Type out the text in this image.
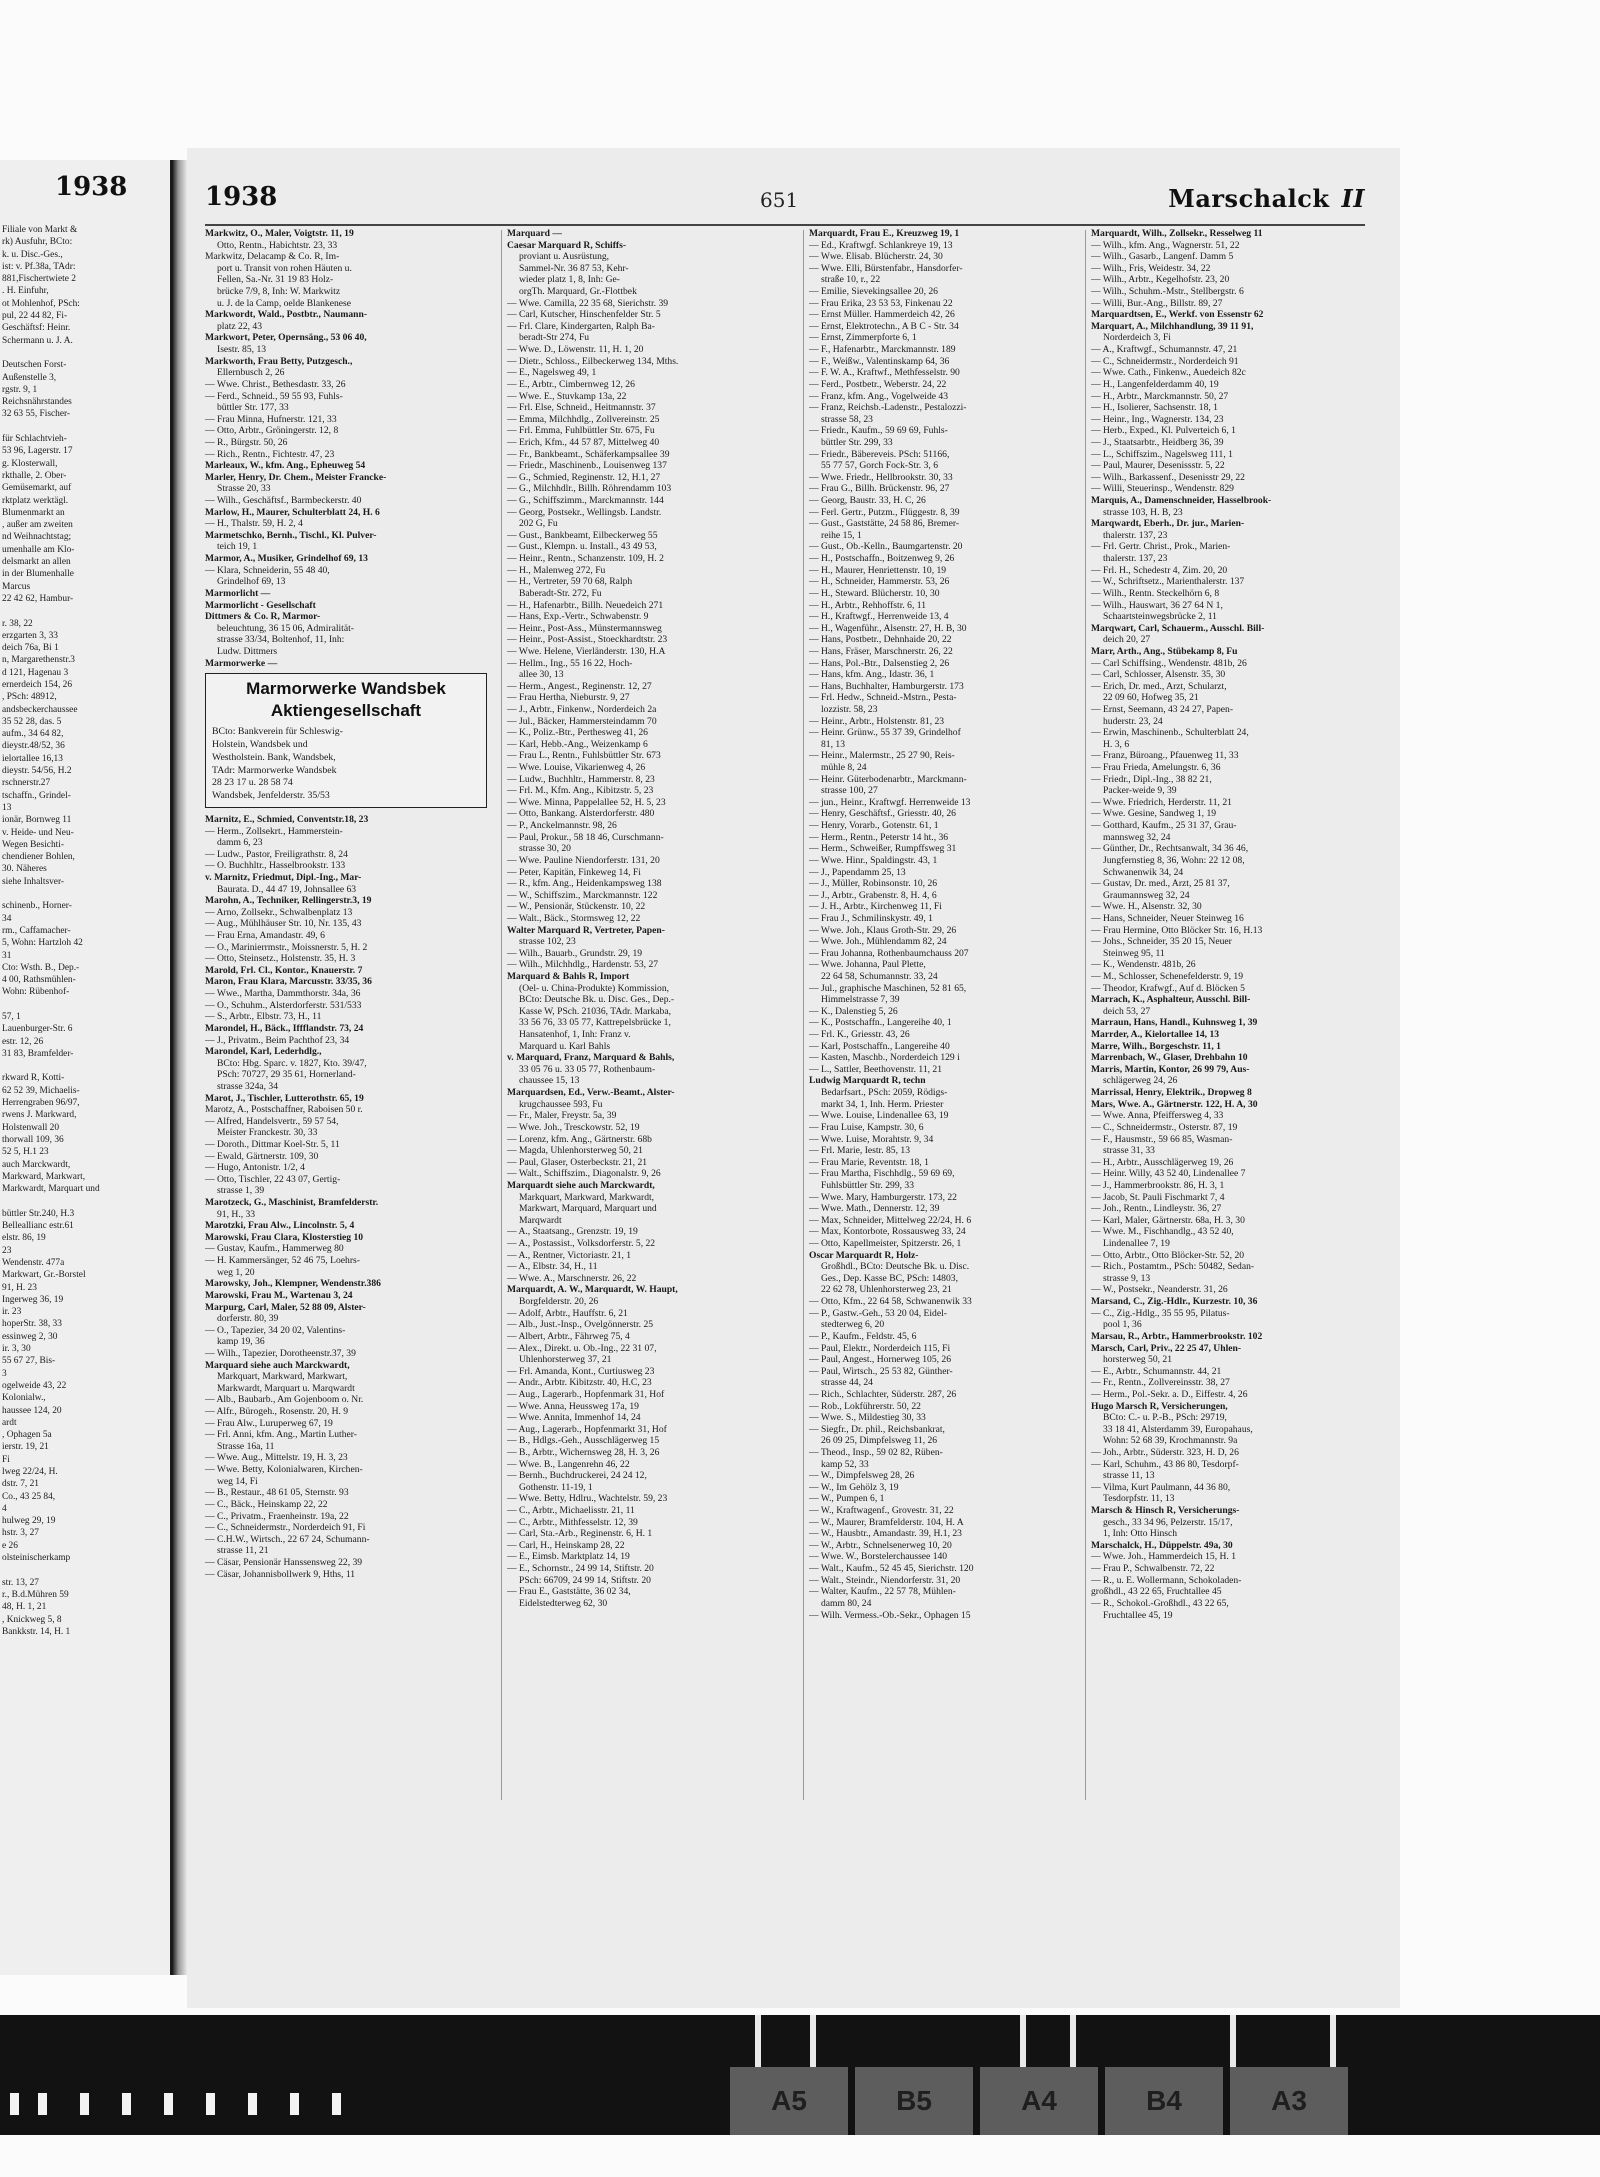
1938
Filiale von Markt &
rk) Ausfuhr, BCto:
k. u. Disc.-Ges.,
ist: v. Pf.38a, TAdr:
881,Fischertwiete 2
. H. Einfuhr,
ot Mohlenhof, PSch:
pul, 22 44 82, Fi-
Geschäftsf: Heinr.
Schermann u. J. A.
Deutschen Forst-
Außenstelle 3,
rgstr. 9, 1
Reichsnährstandes
32 63 55, Fischer-
für Schlachtvieh-
53 96, Lagerstr. 17
g. Klosterwall,
rkthalle, 2. Ober-
Gemüsemarkt, auf
rktplatz werktägl.
Blumenmarkt an
, außer am zweiten
nd Weihnachtstag;
umenhalle am Klo-
delsmarkt an allen
in der Blumenhalle
Marcus
22 42 62, Hambur-
r. 38, 22
erzgarten 3, 33
deich 76a, Bi 1
n, Margarethenstr.3
d 121, Hagenau 3
ernerdeich 154, 26
, PSch: 48912,
andsbeckerchaussee
35 52 28, das. 5
aufm., 34 64 82,
dieystr.48/52, 36
ielortallee 16,13
dieystr. 54/56, H.2
rschnerstr.27
tschaffn., Grindel-
13
ionär, Bornweg 11
v. Heide- und Neu-
Wegen Besichti-
chendiener Bohlen,
30. Näheres
siehe Inhaltsver-
schinenb., Horner-
34
rm., Caffamacher-
5, Wohn: Hartzloh 42
31
Cto: Wsth. B., Dep.-
4 00, Rathsmühlen-
Wohn: Rübenhof-
57, 1
Lauenburger-Str. 6
estr. 12, 26
31 83, Bramfelder-
rkward R, Kotti-
62 52 39, Michaelis-
Herrengraben 96/97,
rwens J. Markward,
Holstenwall 20
thorwall 109, 36
52 5, H.1 23
auch Marckwardt,
Markward, Markwart,
Markwardt, Marquart und
büttler Str.240, H.3
Belleallianc estr.61
elstr. 86, 19
23
Wendenstr. 477a
Markwart, Gr.-Borstel
91, H. 23
Ingerweg 36, 19
ir. 23
hoperStr. 38, 33
essinweg 2, 30
ir. 3, 30
55 67 27, Bis-
3
ogelweide 43, 22
Kolonialw.,
haussee 124, 20
ardt
, Ophagen 5a
ierstr. 19, 21
Fi
lweg 22/24, H.
dstr. 7, 21
Co., 43 25 84,
4
hulweg 29, 19
hstr. 3, 27
e 26
olsteinischerkamp
str. 13, 27
r., B.d.Mühren 59
48, H. 1, 21
, Knickweg 5, 8
Bankkstr. 14, H. 1
1938	651	Marschalck II
Markwitz, O., Maler, Voigtstr. 11, 19
Otto, Rentn., Habichtstr. 23, 33
Markwitz, Delacamp & Co. R, Im-
port u. Transit von rohen Häuten u.
Fellen, Sa.-Nr. 31 19 83 Holz-
brücke 7/9, 8, Inh: W. Markwitz
u. J. de la Camp, oelde Blankenese
Markwordt, Wald., Postbtr., Naumann-
platz 22, 43
Markwort, Peter, Opernsäng., 53 06 40,
Isestr. 85, 13
Markworth, Frau Betty, Putzgesch.,
Ellernbusch 2, 26
— Wwe. Christ., Bethesdastr. 33, 26
— Ferd., Schneid., 59 55 93, Fuhls-
büttler Str. 177, 33
— Frau Minna, Hufnerstr. 121, 33
— Otto, Arbtr., Gröningerstr. 12, 8
— R., Bürgstr. 50, 26
— Rich., Rentn., Fichtestr. 47, 23
Marleaux, W., kfm. Ang., Epheuweg 54
Marler, Henry, Dr. Chem., Meister Francke-
Strasse 20, 33
— Wilh., Geschäftsf., Barmbeckerstr. 40
Marlow, H., Maurer, Schulterblatt 24, H. 6
— H., Thalstr. 59, H. 2, 4
Marmetschko, Bernh., Tischl., Kl. Pulver-
teich 19, 1
Marmor, A., Musiker, Grindelhof 69, 13
— Klara, Schneiderin, 55 48 40,
Grindelhof 69, 13
Marmorlicht —
Marmorlicht - Gesellschaft
Dittmers & Co. R, Marmor-
beleuchtung, 36 15 06, Admiralität-
strasse 33/34, Boltenhof, 11, Inh:
Ludw. Dittmers
Marmorwerke —
Marmorwerke Wandsbek
Aktiengesellschaft
BCto: Bankverein für Schleswig-
Holstein, Wandsbek und
Westholstein. Bank, Wandsbek,
TAdr: Marmorwerke Wandsbek
28 23 17 u. 28 58 74
Wandsbek, Jenfelderstr. 35/53
Marnitz, E., Schmied, Conventstr.18, 23
— Herm., Zollsekrt., Hammerstein-
damm 6, 23
— Ludw., Pastor, Freiligrathstr. 8, 24
— O. Buchhltr., Hasselbrookstr. 133
v. Marnitz, Friedmut, Dipl.-Ing., Mar-
Baurata. D., 44 47 19, Johnsallee 63
Marohn, A., Techniker, Rellingerstr.3, 19
— Arno, Zollsekr., Schwalbenplatz 13
— Aug., Mühlhäuser Str. 10, Nr. 135, 43
— Frau Erna, Amandastr. 49, 6
— O., Marinierrmstr., Moissnerstr. 5, H. 2
— Otto, Steinsetz., Holstenstr. 35, H. 3
Marold, Frl. Cl., Kontor., Knauerstr. 7
Maron, Frau Klara, Marcusstr. 33/35, 36
— Wwe., Martha, Dammthorstr. 34a, 36
— O., Schuhm., Alsterdorferstr. 531/533
— S., Arbtr., Elbstr. 73, H., 11
Marondel, H., Bäck., Iffflandstr. 73, 24
— J., Privatm., Beim Pachthof 23, 34
Marondel, Karl, Lederhdlg.,
BCto: Hbg. Sparc. v. 1827, Kto. 39/47,
PSch: 70727, 29 35 61, Hornerland-
strasse 324a, 34
Marot, J., Tischler, Lutterothstr. 65, 19
Marotz, A., Postschaffner, Raboisen 50 r.
— Alfred, Handelsvertr., 59 57 54,
Meister Franckestr. 30, 33
— Doroth., Dittmar Koel-Str. 5, 11
— Ewald, Gärtnerstr. 109, 30
— Hugo, Antonistr. 1/2, 4
— Otto, Tischler, 22 43 07, Gertig-
strasse 1, 39
Marotzeck, G., Maschinist, Bramfelderstr.
91, H., 33
Marotzki, Frau Alw., Lincolnstr. 5, 4
Marowski, Frau Clara, Klosterstieg 10
— Gustav, Kaufm., Hammerweg 80
— H. Kammersänger, 52 46 75, Loehrs-
weg 1, 20
Marowsky, Joh., Klempner, Wendenstr.386
Marowski, Frau M., Wartenau 3, 24
Marpurg, Carl, Maler, 52 88 09, Alster-
dorferstr. 80, 39
— O., Tapezier, 34 20 02, Valentins-
kamp 19, 36
— Wilh., Tapezier, Dorotheenstr.37, 39
Marquard siehe auch Marckwardt,
Markquart, Markward, Markwart,
Markwardt, Marquart u. Marqwardt
— Alb., Baubarb., Am Gojenboom o. Nr.
— Alfr., Bürogeh., Rosenstr. 20, H. 9
— Frau Alw., Luruperweg 67, 19
— Frl. Anni, kfm. Ang., Martin Luther-
Strasse 16a, 11
— Wwe. Aug., Mittelstr. 19, H. 3, 23
— Wwe. Betty, Kolonialwaren, Kirchen-
weg 14, Fi
— B., Restaur., 48 61 05, Sternstr. 93
— C., Bäck., Heinskamp 22, 22
— C., Privatm., Fraenheinstr. 19a, 22
— C., Schneidermstr., Norderdeich 91, Fi
— C.H.W., Wirtsch., 22 67 24, Schumann-
strasse 11, 21
— Cäsar, Pensionär Hanssensweg 22, 39
— Cäsar, Johannisbollwerk 9, Hths, 11
Marquard —
Caesar Marquard R, Schiffs-
proviant u. Ausrüstung,
Sammel-Nr. 36 87 53, Kehr-
wieder platz 1, 8, Inh: Ge-
orgTh. Marquard, Gr.-Flottbek
— Wwe. Camilla, 22 35 68, Sierichstr. 39
— Carl, Kutscher, Hinschenfelder Str. 5
— Frl. Clare, Kindergarten, Ralph Ba-
beradt-Str 274, Fu
— Wwe. D., Löwenstr. 11, H. 1, 20
— Dietr., Schloss., Eilbeckerweg 134, Mths.
— E., Nagelsweg 49, 1
— E., Arbtr., Cimbernweg 12, 26
— Wwe. E., Stuvkamp 13a, 22
— Frl. Else, Schneid., Heitmannstr. 37
— Emma, Milchhdlg., Zollvereinstr. 25
— Frl. Emma, Fuhlbüttler Str. 675, Fu
— Erich, Kfm., 44 57 87, Mittelweg 40
— Fr., Bankbeamt., Schäferkampsallee 39
— Friedr., Maschinenb., Louisenweg 137
— G., Schmied, Reginenstr. 12, H.1, 27
— G., Milchhdlr., Billh. Röhrendamm 103
— G., Schiffszimm., Marckmannstr. 144
— Georg, Postsekr., Wellingsb. Landstr.
202 G, Fu
— Gust., Bankbeamt, Eilbeckerweg 55
— Gust., Klempn. u. Install., 43 49 53,
— Heinr., Rentn., Schanzenstr. 109, H. 2
— H., Malenweg 272, Fu
— H., Vertreter, 59 70 68, Ralph
Baberadt-Str. 272, Fu
— H., Hafenarbtr., Billh. Neuedeich 271
— Hans, Exp.-Vertr., Schwabenstr. 9
— Heinr., Post-Ass., Münstermannsweg
— Heinr., Post-Assist., Stoeckhardtstr. 23
— Wwe. Helene, Vierländerstr. 130, H.A
— Hellm., Ing., 55 16 22, Hoch-
allee 30, 13
— Herm., Angest., Reginenstr. 12, 27
— Frau Hertha, Nieburstr. 9, 27
— J., Arbtr., Finkenw., Norderdeich 2a
— Jul., Bäcker, Hammersteindamm 70
— K., Poliz.-Btr., Perthesweg 41, 26
— Karl, Hebb.-Ang., Weizenkamp 6
— Frau L., Rentn., Fuhlsbüttler Str. 673
— Wwe. Louise, Vikarienweg 4, 26
— Ludw., Buchhltr., Hammerstr. 8, 23
— Frl. M., Kfm. Ang., Kibitzstr. 5, 23
— Wwe. Minna, Pappelallee 52, H. 5, 23
— Otto, Bankang. Alsterdorferstr. 480
— P., Anckelmannstr. 98, 26
— Paul, Prokur., 58 18 46, Curschmann-
strasse 30, 20
— Wwe. Pauline Niendorferstr. 131, 20
— Peter, Kapitän, Finkeweg 14, Fi
— R., kfm. Ang., Heidenkampsweg 138
— W., Schiffszim., Marckmannstr. 122
— W., Pensionär, Stückenstr. 10, 22
— Walt., Bäck., Stormsweg 12, 22
Walter Marquard R, Vertreter, Papen-
strasse 102, 23
— Wilh., Bauarb., Grundstr. 29, 19
— Wilh., Milchhdlg., Hardenstr. 53, 27
Marquard & Bahls R, Import
(Oel- u. China-Produkte) Kommission,
BCto: Deutsche Bk. u. Disc. Ges., Dep.-
Kasse W, PSch. 21036, TAdr. Markaba,
33 56 76, 33 05 77, Kattrepelsbrücke 1,
Hansatenhof, 1, Inh: Franz v.
Marquard u. Karl Bahls
v. Marquard, Franz, Marquard & Bahls,
33 05 76 u. 33 05 77, Rothenbaum-
chaussee 15, 13
Marquardsen, Ed., Verw.-Beamt., Alster-
krugchaussee 593, Fu
— Fr., Maler, Freystr. 5a, 39
— Wwe. Joh., Tresckowstr. 52, 19
— Lorenz, kfm. Ang., Gärtnerstr. 68b
— Magda, Uhlenhorsterweg 50, 21
— Paul, Glaser, Osterbeckstr. 21, 21
— Walt., Schiffszim., Diagonalstr. 9, 26
Marquardt siehe auch Marckwardt,
Markquart, Markward, Markwardt,
Markwart, Marquard, Marquart und
Marqwardt
— A., Staatsang., Grenzstr. 19, 19
— A., Postassist., Volksdorferstr. 5, 22
— A., Rentner, Victoriastr. 21, 1
— A., Elbstr. 34, H., 11
— Wwe. A., Marschnerstr. 26, 22
Marquardt, A. W., Marquardt, W. Haupt,
Borgfelderstr. 20, 26
— Adolf, Arbtr., Hauffstr. 6, 21
— Alb., Just.-Insp., Ovelgönnerstr. 25
— Albert, Arbtr., Fährweg 75, 4
— Alex., Direkt. u. Ob.-Ing., 22 31 07,
Uhlenhorsterweg 37, 21
— Frl. Amanda, Kont., Curtiusweg 23
— Andr., Arbtr. Kibitzstr. 40, H.C, 23
— Aug., Lagerarb., Hopfenmark 31, Hof
— Wwe. Anna, Heussweg 17a, 19
— Wwe. Annita, Immenhof 14, 24
— Aug., Lagerarb., Hopfenmarkt 31, Hof
— B., Hdlgs.-Geh., Ausschlägerweg 15
— B., Arbtr., Wichernsweg 28, H. 3, 26
— Wwe. B., Langenrehn 46, 22
— Bernh., Buchdruckerei, 24 24 12,
Gothenstr. 11-19, 1
— Wwe. Betty, Hdlru., Wachtelstr. 59, 23
— C., Arbtr., Michaelisstr. 21, 11
— C., Arbtr., Mithfesselstr. 12, 39
— Carl, Sta.-Arb., Reginenstr. 6, H. 1
— Carl, H., Heinskamp 28, 22
— E., Eimsb. Marktplatz 14, 19
— E., Schornstr., 24 99 14, Stiftstr. 20
PSch: 66709, 24 99 14, Stiftstr. 20
— Frau E., Gaststätte, 36 02 34,
Eidelstedterweg 62, 30
Marquardt, Frau E., Kreuzweg 19, 1
— Ed., Kraftwgf. Schlankreye 19, 13
— Wwe. Elisab. Blücherstr. 24, 30
— Wwe. Elli, Bürstenfabr., Hansdorfer-
straße 10, r., 22
— Emilie, Sievekingsallee 20, 26
— Frau Erika, 23 53 53, Finkenau 22
— Ernst Müller. Hammerdeich 42, 26
— Ernst, Elektrotechn., A B C - Str. 34
— Ernst, Zimmerpforte 6, 1
— F., Hafenarbtr., Marckmannstr. 189
— F., Weißw., Valentinskamp 64, 36
— F. W. A., Kraftwf., Methfesselstr. 90
— Ferd., Postbetr., Weberstr. 24, 22
— Franz, kfm. Ang., Vogelweide 43
— Franz, Reichsb.-Ladenstr., Pestalozzi-
strasse 58, 23
— Friedr., Kaufm., 59 69 69, Fuhls-
büttler Str. 299, 33
— Friedr., Bäbereveis. PSch: 51166,
55 77 57, Gorch Fock-Str. 3, 6
— Wwe. Friedr., Hellbrookstr. 30, 33
— Frau G., Billh. Brückenstr. 96, 27
— Georg, Baustr. 33, H. C, 26
— Ferl. Gertr., Putzm., Flüggestr. 8, 39
— Gust., Gaststätte, 24 58 86, Bremer-
reihe 15, 1
— Gust., Ob.-Kelln., Baumgartenstr. 20
— H., Postschaffn., Boitzenweg 9, 26
— H., Maurer, Henriettenstr. 10, 19
— H., Schneider, Hammerstr. 53, 26
— H., Steward. Blücherstr. 10, 30
— H., Arbtr., Rehhoffstr. 6, 11
— H., Kraftwgf., Herrenweide 13, 4
— H., Wagenführ., Alsenstr. 27, H. B, 30
— Hans, Postbetr., Dehnhaide 20, 22
— Hans, Fräser, Marschnerstr. 26, 22
— Hans, Pol.-Btr., Dalsenstieg 2, 26
— Hans, kfm. Ang., Idastr. 36, 1
— Hans, Buchhalter, Hamburgerstr. 173
— Frl. Hedw., Schneid.-Mstrn., Pesta-
lozzistr. 58, 23
— Heinr., Arbtr., Holstenstr. 81, 23
— Heinr. Grünw., 55 37 39, Grindelhof
81, 13
— Heinr., Malermstr., 25 27 90, Reis-
mühle 8, 24
— Heinr. Güterbodenarbtr., Marckmann-
strasse 100, 27
— jun., Heinr., Kraftwgf. Herrenweide 13
— Henry, Geschäftsf., Griesstr. 40, 26
— Henry, Vorarb., Gotenstr. 61, 1
— Herm., Rentn., Peterstr 14 ht., 36
— Herm., Schweißer, Rumpffsweg 31
— Wwe. Hinr., Spaldingstr. 43, 1
— J., Papendamm 25, 13
— J., Müller, Robinsonstr. 10, 26
— J., Arbtr., Grabenstr. 8, H. 4, 6
— J. H., Arbtr., Kirchenweg 11, Fi
— Frau J., Schmilinskystr. 49, 1
— Wwe. Joh., Klaus Groth-Str. 29, 26
— Wwe. Joh., Mühlendamm 82, 24
— Frau Johanna, Rothenbaumchauss 207
— Wwe. Johanna, Paul Plette,
22 64 58, Schumannstr. 33, 24
— Jul., graphische Maschinen, 52 81 65,
Himmelstrasse 7, 39
— K., Dalenstieg 5, 26
— K., Postschaffn., Langereihe 40, 1
— Frl. K., Griesstr. 43, 26
— Karl, Postschaffn., Langereihe 40
— Kasten, Maschb., Norderdeich 129 i
— L., Sattler, Beethovenstr. 11, 21
Ludwig Marquardt R, techn
Bedarfsart., PSch: 2059, Rödigs-
markt 34, 1, Inh. Herm. Priester
— Wwe. Louise, Lindenallee 63, 19
— Frau Luise, Kampstr. 30, 6
— Wwe. Luise, Morahtstr. 9, 34
— Frl. Marie, Iestr. 85, 13
— Frau Marie, Reventstr. 18, 1
— Frau Martha, Fischhdlg., 59 69 69,
Fuhlsbüttler Str. 299, 33
— Wwe. Mary, Hamburgerstr. 173, 22
— Wwe. Math., Dennerstr. 12, 39
— Max, Schneider, Mittelweg 22/24, H. 6
— Max, Kontorbote, Rossausweg 33, 24
— Otto, Kapellmeister, Spitzerstr. 26, 1
Oscar Marquardt R, Holz-
Großhdl., BCto: Deutsche Bk. u. Disc.
Ges., Dep. Kasse BC, PSch: 14803,
22 62 78, Uhlenhorsterweg 23, 21
— Otto, Kfm., 22 64 58, Schwanenwik 33
— P., Gastw.-Geh., 53 20 04, Eidel-
stedterweg 6, 20
— P., Kaufm., Feldstr. 45, 6
— Paul, Elektr., Norderdeich 115, Fi
— Paul, Angest., Hornerweg 105, 26
— Paul, Wirtsch., 25 53 82, Günther-
strasse 44, 24
— Rich., Schlachter, Süderstr. 287, 26
— Rob., Lokführerstr. 50, 22
— Wwe. S., Mildestieg 30, 33
— Siegfr., Dr. phil., Reichsbankrat,
26 09 25, Dimpfelsweg 11, 26
— Theod., Insp., 59 02 82, Rüben-
kamp 52, 33
— W., Dimpfelsweg 28, 26
— W., Im Gehölz 3, 19
— W., Pumpen 6, 1
— W., Kraftwagenf., Grovestr. 31, 22
— W., Maurer, Bramfelderstr. 104, H. A
— W., Hausbtr., Amandastr. 39, H.1, 23
— W., Arbtr., Schnelsenerweg 10, 20
— Wwe. W., Borstelerchaussee 140
— Walt., Kaufm., 52 45 45, Sierichstr. 120
— Walt., Steindr., Niendorferstr. 31, 20
— Walter, Kaufm., 22 57 78, Mühlen-
damm 80, 24
— Wilh. Vermess.-Ob.-Sekr., Ophagen 15
Marquardt, Wilh., Zollsekr., Resselweg 11
— Wilh., kfm. Ang., Wagnerstr. 51, 22
— Wilh., Gasarb., Langenf. Damm 5
— Wilh., Fris, Weidestr. 34, 22
— Wilh., Arbtr., Kegelhofstr. 23, 20
— Wilh., Schuhm.-Mstr., Stellbergstr. 6
— Willi, Bur.-Ang., Billstr. 89, 27
Marquardtsen, E., Werkf. von Essenstr 62
Marquart, A., Milchhandlung, 39 11 91,
Norderdeich 3, Fi
— A., Kraftwgf., Schumannstr. 47, 21
— C., Schneidermstr., Norderdeich 91
— Wwe. Cath., Finkenw., Auedeich 82c
— H., Langenfelderdamm 40, 19
— H., Arbtr., Marckmannstr. 50, 27
— H., Isolierer, Sachsenstr. 18, 1
— Heinr., Ing., Wagnerstr. 134, 23
— Herb., Exped., Kl. Pulverteich 6, 1
— J., Staatsarbtr., Heidberg 36, 39
— L., Schiffszim., Nagelsweg 111, 1
— Paul, Maurer, Desenissstr. 5, 22
— Wilh., Barkassenf., Desenisstr 29, 22
— Willi, Steuerinsp., Wendenstr. 829
Marquis, A., Damenschneider, Hasselbrook-
strasse 103, H. B, 23
Marqwardt, Eberh., Dr. jur., Marien-
thalerstr. 137, 23
— Frl. Gertr. Christ., Prok., Marien-
thalerstr. 137, 23
— Frl. H., Schedestr 4, Zim. 20, 20
— W., Schriftsetz., Marienthalerstr. 137
— Wilh., Rentn. Steckelhörn 6, 8
— Wilh., Hauswart, 36 27 64 N 1,
Schaartsteinwegsbrücke 2, 11
Marqwart, Carl, Schauerm., Ausschl. Bill-
deich 20, 27
Marr, Arth., Ang., Stübekamp 8, Fu
— Carl Schiffsing., Wendenstr. 481b, 26
— Carl, Schlosser, Alsenstr. 35, 30
— Erich, Dr. med., Arzt, Schularzt,
22 09 60, Hofweg 35, 21
— Ernst, Seemann, 43 24 27, Papen-
huderstr. 23, 24
— Erwin, Maschinenb., Schulterblatt 24,
H. 3, 6
— Franz, Büroang., Pfauenweg 11, 33
— Frau Frieda, Amelungstr. 6, 36
— Friedr., Dipl.-Ing., 38 82 21,
Packer-weide 9, 39
— Wwe. Friedrich, Herderstr. 11, 21
— Wwe. Gesine, Sandweg 1, 19
— Gotthard, Kaufm., 25 31 37, Grau-
mannsweg 32, 24
— Günther, Dr., Rechtsanwalt, 34 36 46,
Jungfernstieg 8, 36, Wohn: 22 12 08,
Schwanenwik 34, 24
— Gustav, Dr. med., Arzt, 25 81 37,
Graumannsweg 32, 24
— Wwe. H., Alsenstr. 32, 30
— Hans, Schneider, Neuer Steinweg 16
— Frau Hermine, Otto Blöcker Str. 16, H.13
— Johs., Schneider, 35 20 15, Neuer
Steinweg 95, 11
— K., Wendenstr. 481b, 26
— M., Schlosser, Schenefelderstr. 9, 19
— Theodor, Krafwgf., Auf d. Blöcken 5
Marrach, K., Asphalteur, Ausschl. Bill-
deich 53, 27
Marraun, Hans, Handl., Kuhnsweg 1, 39
Marrder, A., Kielortallee 14, 13
Marre, Wilh., Borgeschstr. 11, 1
Marrenbach, W., Glaser, Drehbahn 10
Marris, Martin, Kontor, 26 99 79, Aus-
schlägerweg 24, 26
Marrissal, Henry, Elektrik., Dropweg 8
Mars, Wwe. A., Gärtnerstr. 122, H. A, 30
— Wwe. Anna, Pfeiffersweg 4, 33
— C., Schneidermstr., Osterstr. 87, 19
— F., Hausmstr., 59 66 85, Wasman-
strasse 31, 33
— H., Arbtr., Ausschlägerweg 19, 26
— Heinr. Willy, 43 52 40, Lindenallee 7
— J., Hammerbrookstr. 86, H. 3, 1
— Jacob, St. Pauli Fischmarkt 7, 4
— Joh., Rentn., Lindleystr. 36, 27
— Karl, Maler, Gärtnerstr. 68a, H. 3, 30
— Wwe. M., Fischhandlg., 43 52 40,
Lindenallee 7, 19
— Otto, Arbtr., Otto Blöcker-Str. 52, 20
— Rich., Postamtm., PSch: 50482, Sedan-
strasse 9, 13
— W., Postsekr., Neanderstr. 31, 26
Marsand, C., Zig.-Hdlr., Kurzestr. 10, 36
— C., Zig.-Hdlg., 35 55 95, Pilatus-
pool 1, 36
Marsau, R., Arbtr., Hammerbrookstr. 102
Marsch, Carl, Priv., 22 25 47, Uhlen-
horsterweg 50, 21
— E., Arbtr., Schumannstr. 44, 21
— Fr., Rentn., Zollvereinsstr. 38, 27
— Herm., Pol.-Sekr. a. D., Eiffestr. 4, 26
Hugo Marsch R, Versicherungen,
BCto: C.- u. P.-B., PSch: 29719,
33 18 41, Alsterdamm 39, Europahaus,
Wohn: 52 68 39, Krochmannstr. 9a
— Joh., Arbtr., Süderstr. 323, H. D, 26
— Karl, Schuhm., 43 86 80, Tesdorpf-
strasse 11, 13
— Vilma, Kurt Paulmann, 44 36 80,
Tesdorpfstr. 11, 13
Marsch & Hinsch R, Versicherungs-
gesch., 33 34 96, Pelzerstr. 15/17,
1, Inh: Otto Hinsch
Marschalck, H., Düppelstr. 49a, 30
— Wwe. Joh., Hammerdeich 15, H. 1
— Frau P., Schwalbenstr. 72, 22
— R., u. E. Wollermann, Schokoladen-
großhdl., 43 22 65, Fruchtallee 45
— R., Schokol.-Großhdl., 43 22 65,
Fruchtallee 45, 19
A5	B5	A4	B4	A3
